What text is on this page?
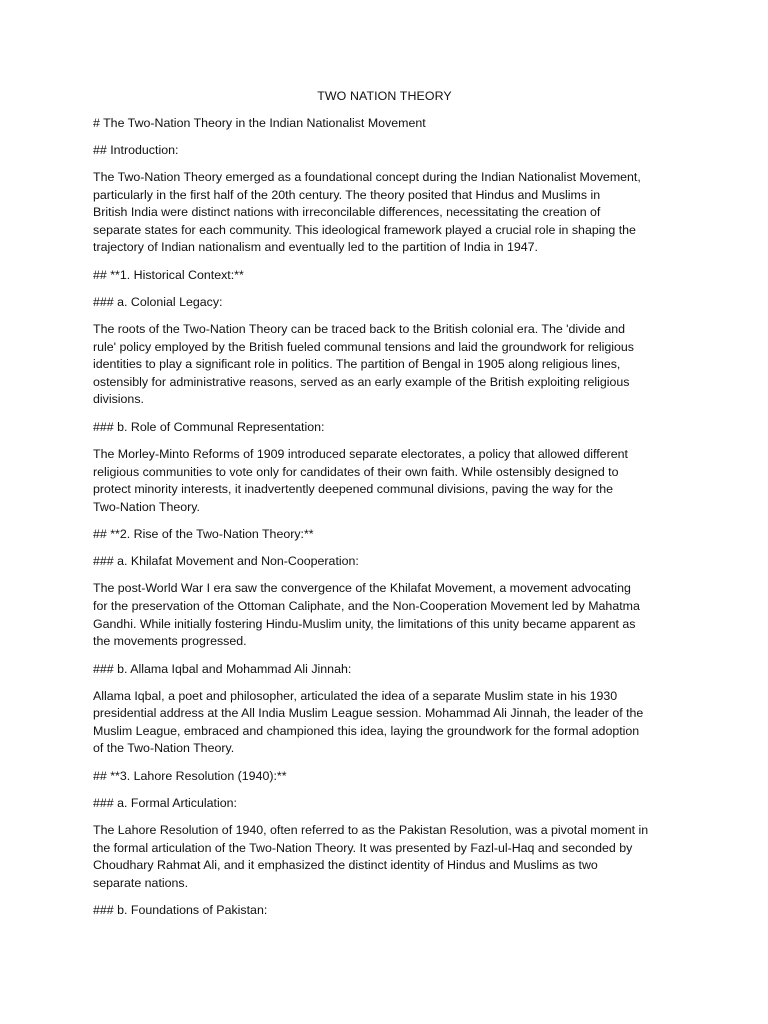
TWO NATION THEORY
# The Two-Nation Theory in the Indian Nationalist Movement
## Introduction:
The Two-Nation Theory emerged as a foundational concept during the Indian Nationalist Movement,
particularly in the first half of the 20th century. The theory posited that Hindus and Muslims in
British India were distinct nations with irreconcilable differences, necessitating the creation of
separate states for each community. This ideological framework played a crucial role in shaping the
trajectory of Indian nationalism and eventually led to the partition of India in 1947.
## **1. Historical Context:**
### a. Colonial Legacy:
The roots of the Two-Nation Theory can be traced back to the British colonial era. The 'divide and
rule' policy employed by the British fueled communal tensions and laid the groundwork for religious
identities to play a significant role in politics. The partition of Bengal in 1905 along religious lines,
ostensibly for administrative reasons, served as an early example of the British exploiting religious
divisions.
### b. Role of Communal Representation:
The Morley-Minto Reforms of 1909 introduced separate electorates, a policy that allowed different
religious communities to vote only for candidates of their own faith. While ostensibly designed to
protect minority interests, it inadvertently deepened communal divisions, paving the way for the
Two-Nation Theory.
## **2. Rise of the Two-Nation Theory:**
### a. Khilafat Movement and Non-Cooperation:
The post-World War I era saw the convergence of the Khilafat Movement, a movement advocating
for the preservation of the Ottoman Caliphate, and the Non-Cooperation Movement led by Mahatma
Gandhi. While initially fostering Hindu-Muslim unity, the limitations of this unity became apparent as
the movements progressed.
### b. Allama Iqbal and Mohammad Ali Jinnah:
Allama Iqbal, a poet and philosopher, articulated the idea of a separate Muslim state in his 1930
presidential address at the All India Muslim League session. Mohammad Ali Jinnah, the leader of the
Muslim League, embraced and championed this idea, laying the groundwork for the formal adoption
of the Two-Nation Theory.
## **3. Lahore Resolution (1940):**
### a. Formal Articulation:
The Lahore Resolution of 1940, often referred to as the Pakistan Resolution, was a pivotal moment in
the formal articulation of the Two-Nation Theory. It was presented by Fazl-ul-Haq and seconded by
Choudhary Rahmat Ali, and it emphasized the distinct identity of Hindus and Muslims as two
separate nations.
### b. Foundations of Pakistan:
